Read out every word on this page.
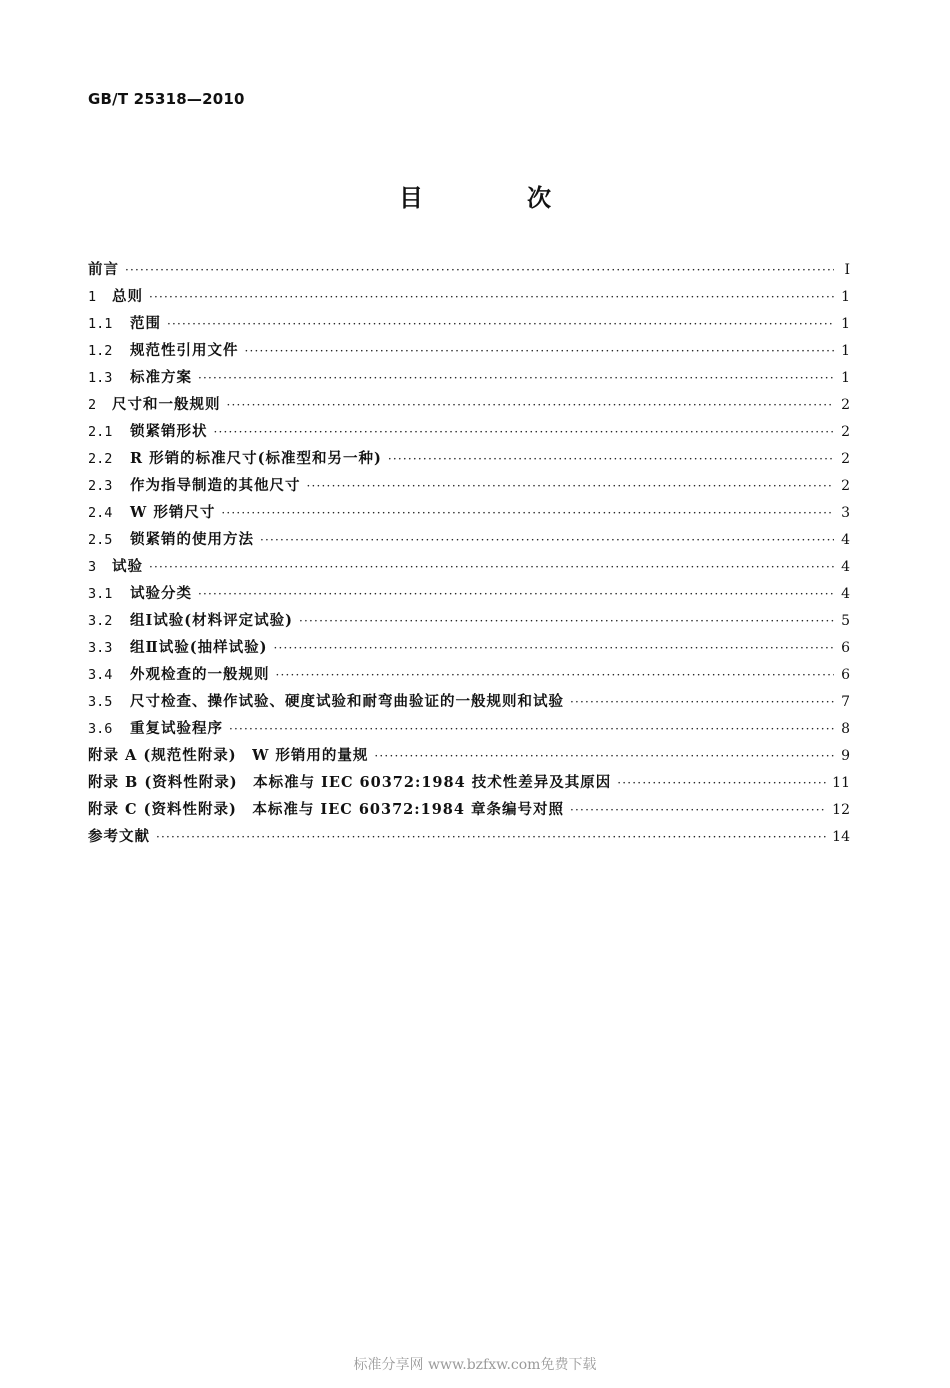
GB/T 25318—2010
目　次
前言 ·····	Ⅰ
1	总则 ·····	1
1.1	范围 ·····	1
1.2	规范性引用文件 ·····	1
1.3	标准方案 ·····	1
2	尺寸和一般规则 ·····	2
2.1	锁紧销形状 ·····	2
2.2	R 形销的标准尺寸(标准型和另一种) ·····	2
2.3	作为指导制造的其他尺寸 ·····	2
2.4	W 形销尺寸 ·····	3
2.5	锁紧销的使用方法 ·····	4
3	试验 ·····	4
3.1	试验分类 ·····	4
3.2	组Ⅰ试验(材料评定试验) ·····	5
3.3	组Ⅱ试验(抽样试验) ·····	6
3.4	外观检查的一般规则 ·····	6
3.5	尺寸检查、操作试验、硬度试验和耐弯曲验证的一般规则和试验 ·····	7
3.6	重复试验程序 ·····	8
附录 A (规范性附录)　W 形销用的量规 ·····	9
附录 B (资料性附录)　本标准与 IEC 60372:1984 技术性差异及其原因 ·····	11
附录 C (资料性附录)　本标准与 IEC 60372:1984 章条编号对照 ·····	12
参考文献 ·····	14
标准分享网 www.bzfxw.com免费下载
